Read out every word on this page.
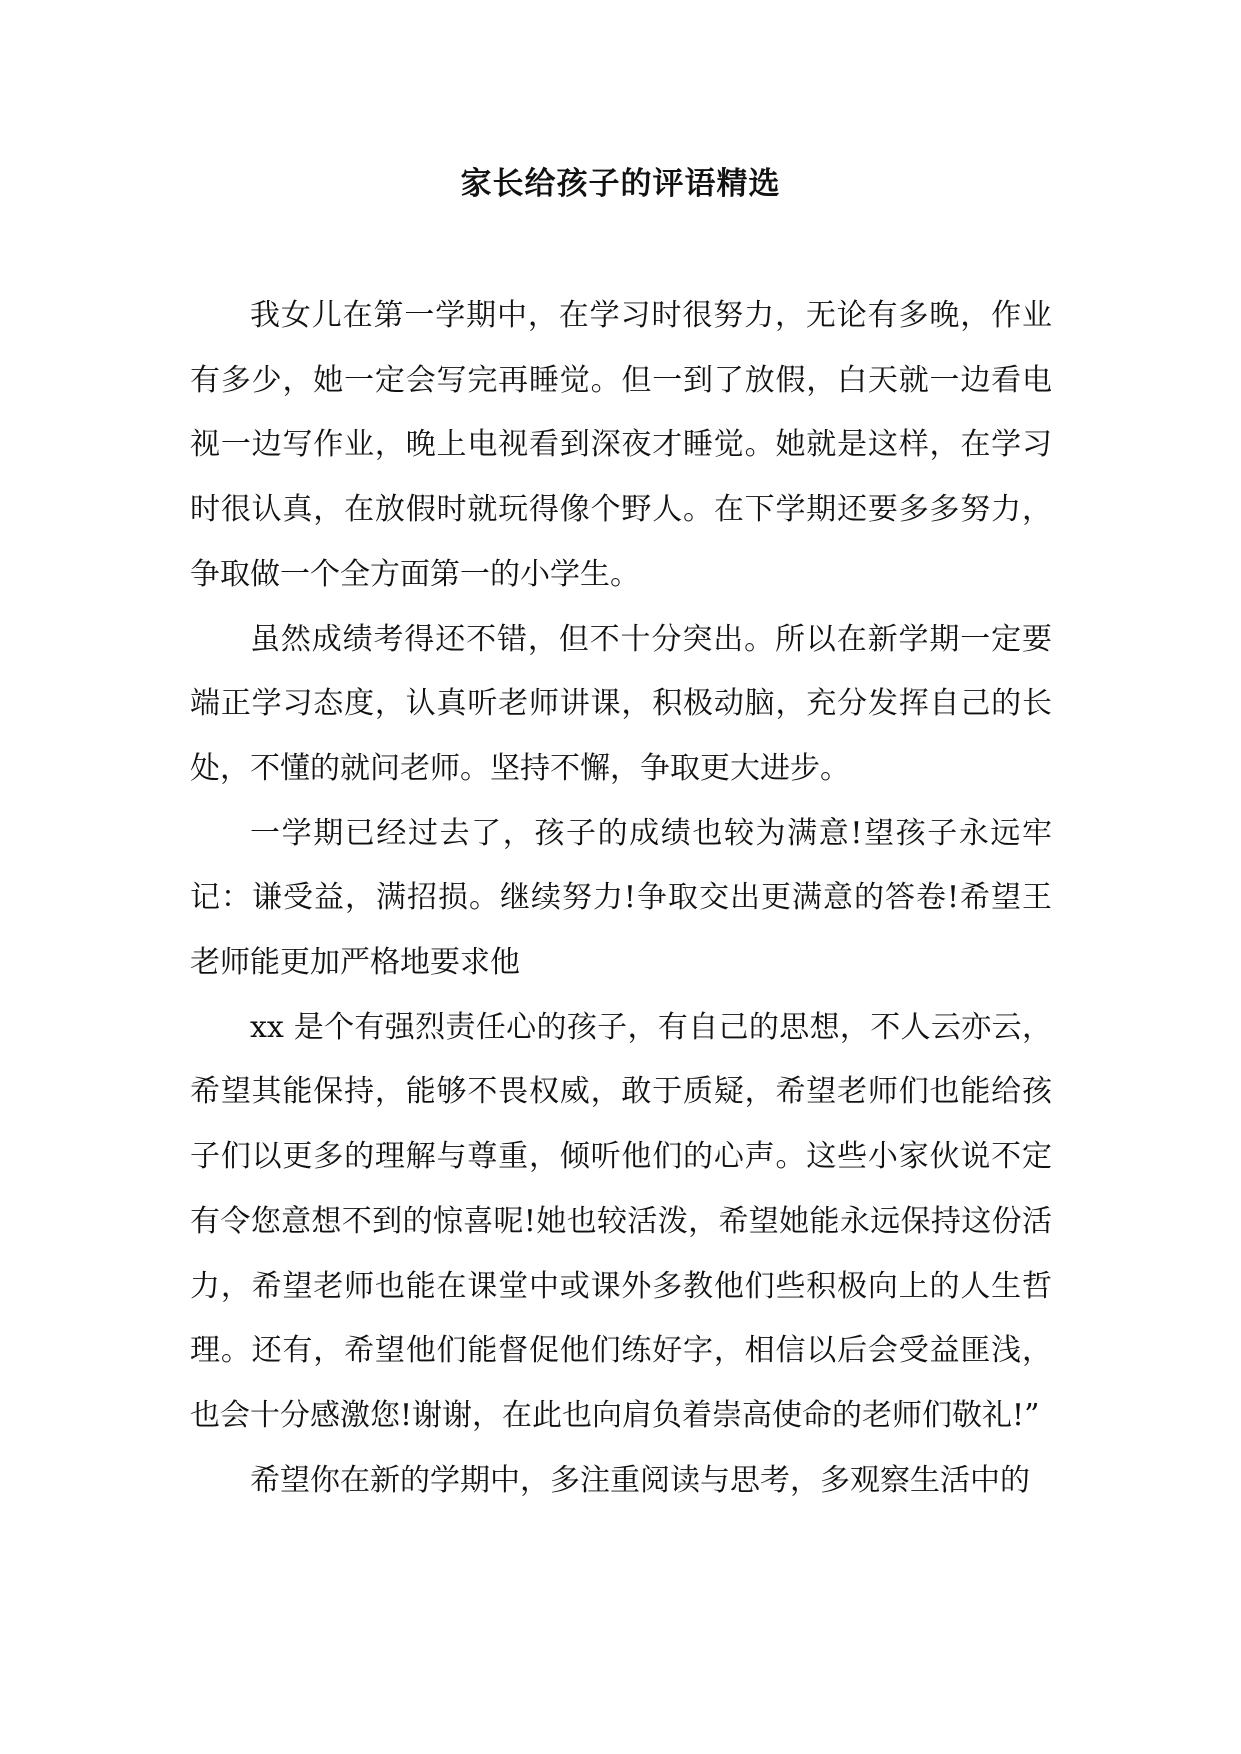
家长给孩子的评语精选

我女儿在第一学期中，在学习时很努力，无论有多晚，作业有多少，她一定会写完再睡觉。但一到了放假，白天就一边看电视一边写作业，晚上电视看到深夜才睡觉。她就是这样，在学习时很认真，在放假时就玩得像个野人。在下学期还要多多努力，争取做一个全方面第一的小学生。

虽然成绩考得还不错，但不十分突出。所以在新学期一定要端正学习态度，认真听老师讲课，积极动脑，充分发挥自己的长处，不懂的就问老师。坚持不懈，争取更大进步。

一学期已经过去了，孩子的成绩也较为满意!望孩子永远牢记：谦受益，满招损。继续努力!争取交出更满意的答卷!希望王老师能更加严格地要求他

xx 是个有强烈责任心的孩子，有自己的思想，不人云亦云，希望其能保持，能够不畏权威，敢于质疑，希望老师们也能给孩子们以更多的理解与尊重，倾听他们的心声。这些小家伙说不定有令您意想不到的惊喜呢!她也较活泼，希望她能永远保持这份活力，希望老师也能在课堂中或课外多教他们些积极向上的人生哲理。还有，希望他们能督促他们练好字，相信以后会受益匪浅，也会十分感激您!谢谢，在此也向肩负着崇高使命的老师们敬礼!”

希望你在新的学期中，多注重阅读与思考，多观察生活中的
